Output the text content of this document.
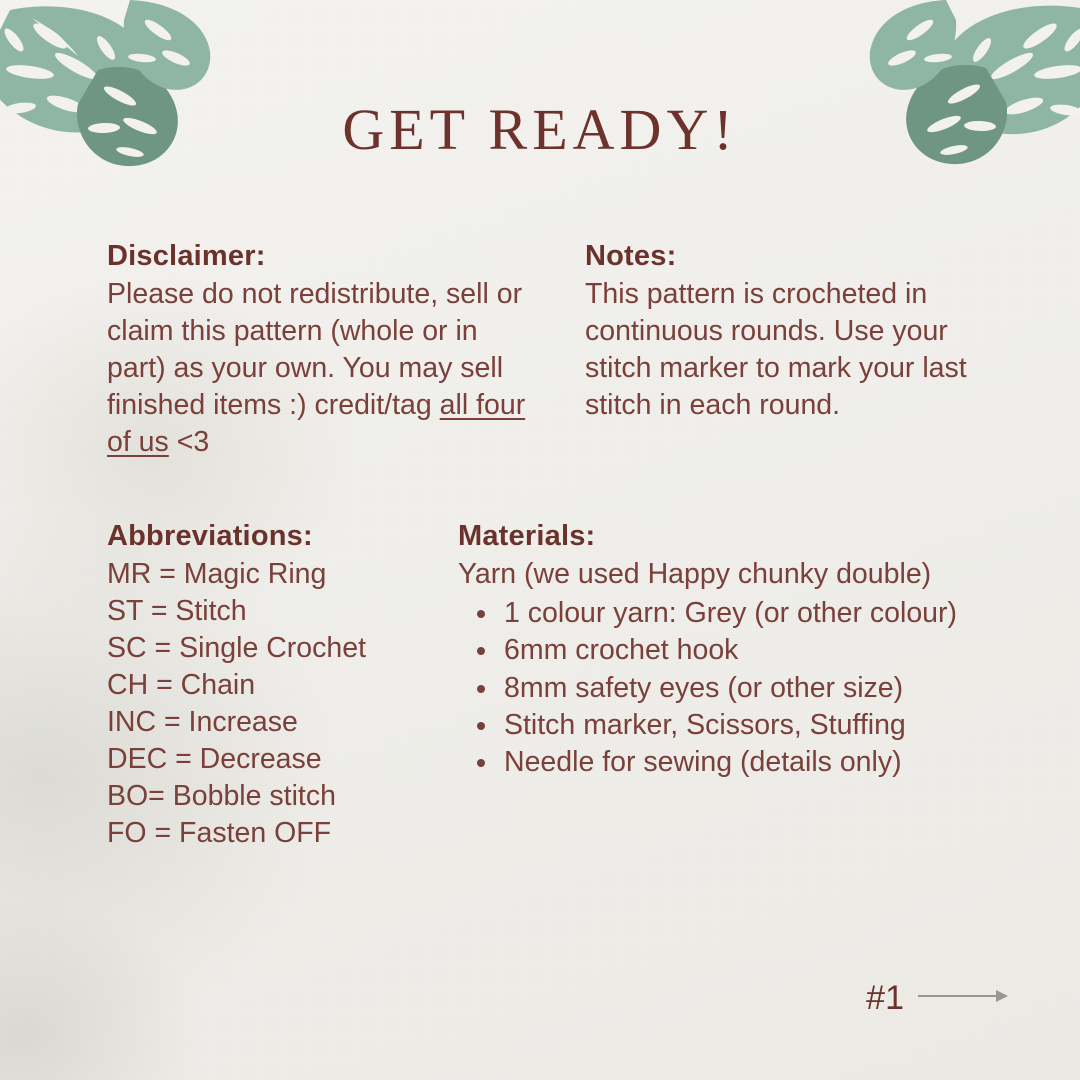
GET READY!
Disclaimer:
Please do not redistribute, sell or claim this pattern (whole or in part) as your own. You may sell finished items :) credit/tag all four of us <3
Notes:
This pattern is crocheted in continuous rounds. Use your stitch marker to mark your last stitch in each round.
Abbreviations:
MR = Magic Ring
ST = Stitch
SC = Single Crochet
CH = Chain
INC = Increase
DEC = Decrease
BO= Bobble stitch
FO = Fasten OFF
Materials:
Yarn (we used Happy chunky double)
• 1 colour yarn: Grey (or other colour)
• 6mm crochet hook
• 8mm safety eyes (or other size)
• Stitch marker, Scissors, Stuffing
• Needle for sewing (details only)
#1
